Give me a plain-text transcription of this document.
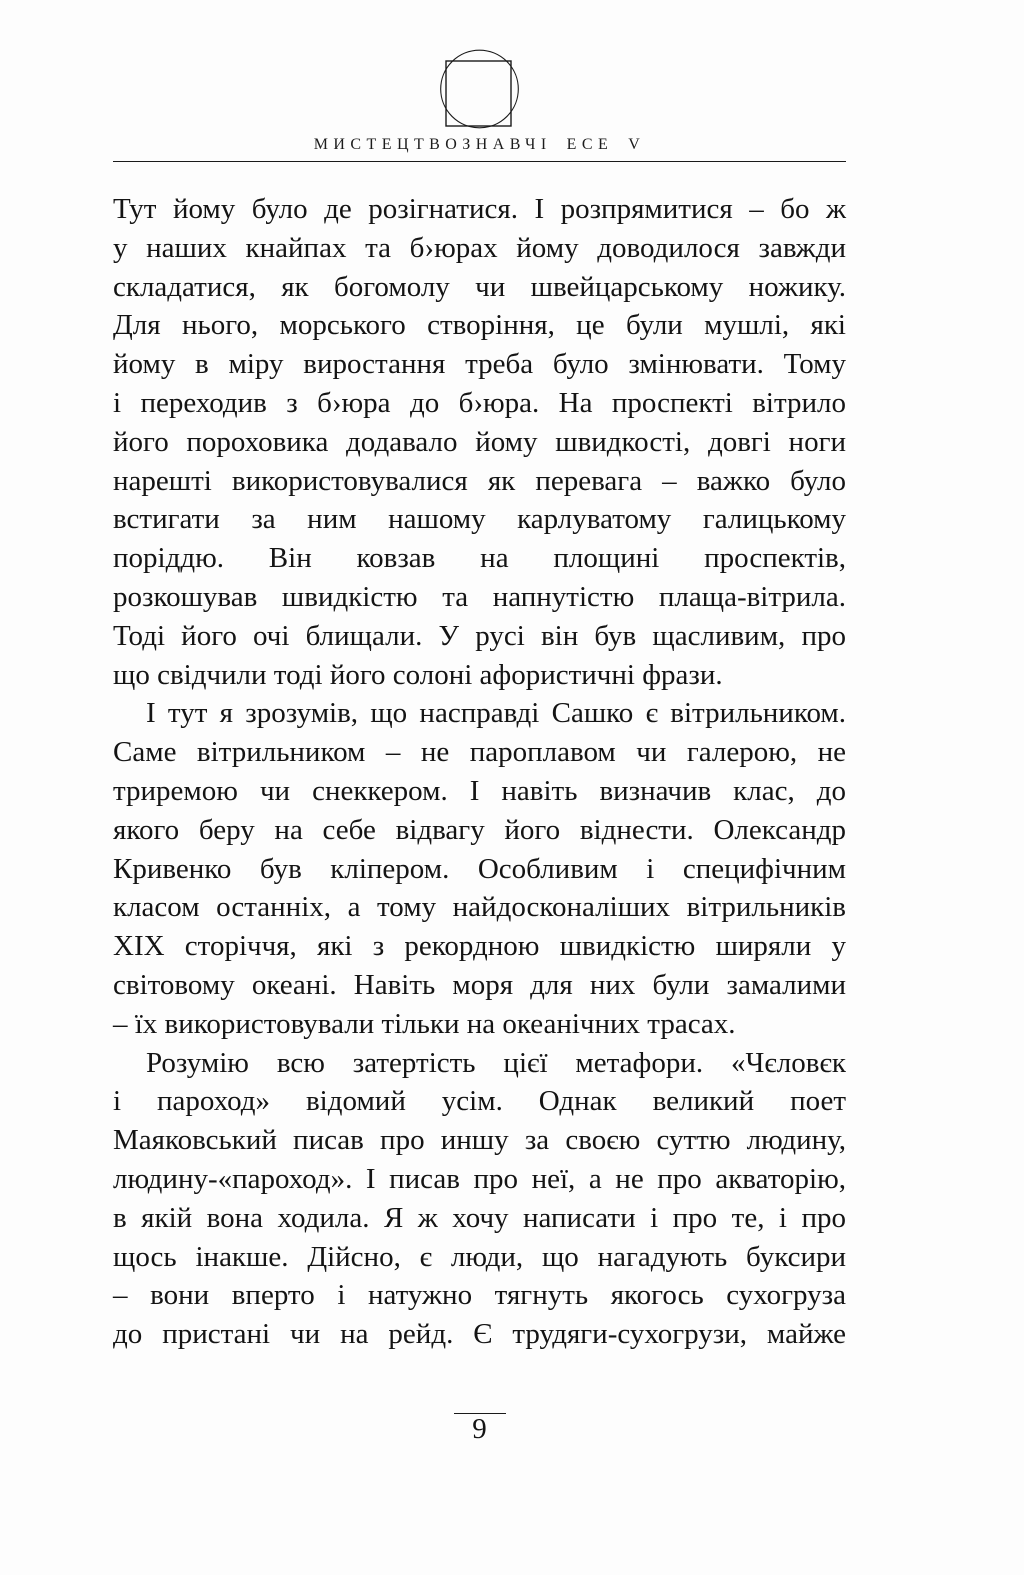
МИСТЕЦТВОЗНАВЧІ ЕСЕ V
Тут йому було де розігнатися. І розпрямитися – бо ж
у наших кнайпах та б›юрах йому доводилося завжди
складатися, як богомолу чи швейцарському ножику.
Для нього, морського створіння, це були мушлі, які
йому в міру виростання треба було змінювати. Тому
і переходив з б›юра до б›юра. На проспекті вітрило
його пороховика додавало йому швидкості, довгі ноги
нарешті використовувалися як перевага – важко було
встигати за ним нашому карлуватому галицькому
поріддю. Він ковзав на площині проспектів,
розкошував швидкістю та напнутістю плаща-вітрила.
Тоді його очі блищали. У русі він був щасливим, про
що свідчили тоді його солоні афористичні фрази.
І тут я зрозумів, що насправді Сашко є вітрильником.
Саме вітрильником – не пароплавом чи галерою, не
триремою чи снеккером. І навіть визначив клас, до
якого беру на себе відвагу його віднести. Олександр
Кривенко був кліпером. Особливим і специфічним
класом останніх, а тому найдосконаліших вітрильників
ХІХ сторіччя, які з рекордною швидкістю ширяли у
світовому океані. Навіть моря для них були замалими
– їх використовували тільки на океанічних трасах.
Розумію всю затертість цієї метафори. «Чєловєк
і пароход» відомий усім. Однак великий поет
Маяковський писав про иншу за своєю суттю людину,
людину-«пароход». І писав про неї, а не про акваторію,
в якій вона ходила. Я ж хочу написати і про те, і про
щось інакше. Дійсно, є люди, що нагадують буксири
– вони вперто і натужно тягнуть якогось сухогруза
до пристані чи на рейд. Є трудяги-сухогрузи, майже
9
